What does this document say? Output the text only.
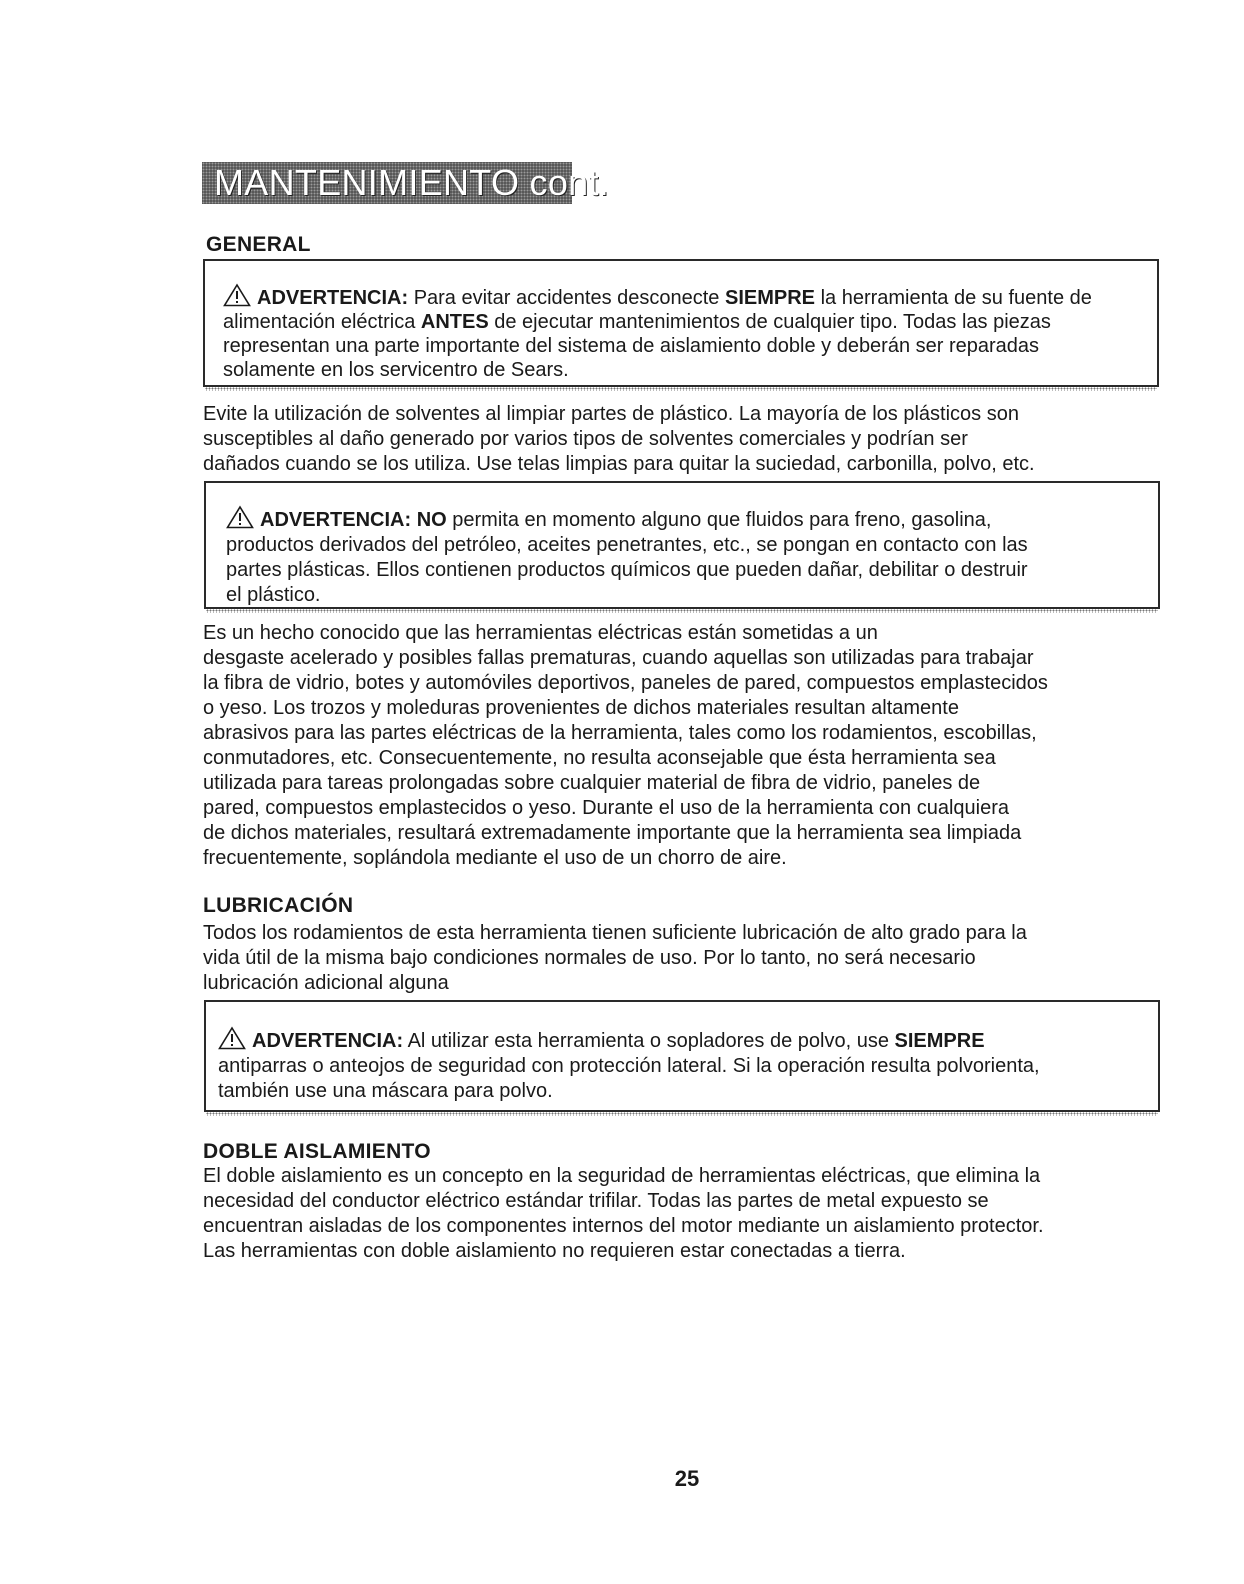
MANTENIMIENTO cont.
GENERAL
ADVERTENCIA: Para evitar accidentes desconecte SIEMPRE la herramienta de su fuente de
alimentación eléctrica ANTES de ejecutar mantenimientos de cualquier tipo. Todas las piezas
representan una parte importante del sistema de aislamiento doble y deberán ser reparadas
solamente en los servicentro de Sears.

Evite la utilización de solventes al limpiar partes de plástico. La mayoría de los plásticos son
susceptibles al daño generado por varios tipos de solventes comerciales y podrían ser
dañados cuando se los utiliza. Use telas limpias para quitar la suciedad, carbonilla, polvo, etc.

ADVERTENCIA: NO permita en momento alguno que fluidos para freno, gasolina,
productos derivados del petróleo, aceites penetrantes, etc., se pongan en contacto con las
partes plásticas. Ellos contienen productos químicos que pueden dañar, debilitar o destruir
el plástico.

Es un hecho conocido que las herramientas eléctricas están sometidas a un
desgaste acelerado y posibles fallas prematuras, cuando aquellas son utilizadas para trabajar
la fibra de vidrio, botes y automóviles deportivos, paneles de pared, compuestos emplastecidos
o yeso. Los trozos y moleduras provenientes de dichos materiales resultan altamente
abrasivos para las partes eléctricas de la herramienta, tales como los rodamientos, escobillas,
conmutadores, etc. Consecuentemente, no resulta aconsejable que ésta herramienta sea
utilizada para tareas prolongadas sobre cualquier material de fibra de vidrio, paneles de
pared, compuestos emplastecidos o yeso. Durante el uso de la herramienta con cualquiera
de dichos materiales, resultará extremadamente importante que la herramienta sea limpiada
frecuentemente, soplándola mediante el uso de un chorro de aire.

LUBRICACIÓN

Todos los rodamientos de esta herramienta tienen suficiente lubricación de alto grado para la
vida útil de la misma bajo condiciones normales de uso. Por lo tanto, no será necesario
lubricación adicional alguna

ADVERTENCIA: Al utilizar esta herramienta o sopladores de polvo, use SIEMPRE
antiparras o anteojos de seguridad con protección lateral. Si la operación resulta polvorienta,
también use una máscara para polvo.
DOBLE AISLAMIENTO

El doble aislamiento es un concepto en la seguridad de herramientas eléctricas, que elimina la
necesidad del conductor eléctrico estándar trifilar. Todas las partes de metal expuesto se
encuentran aisladas de los componentes internos del motor mediante un aislamiento protector.
Las herramientas con doble aislamiento no requieren estar conectadas a tierra.

25
